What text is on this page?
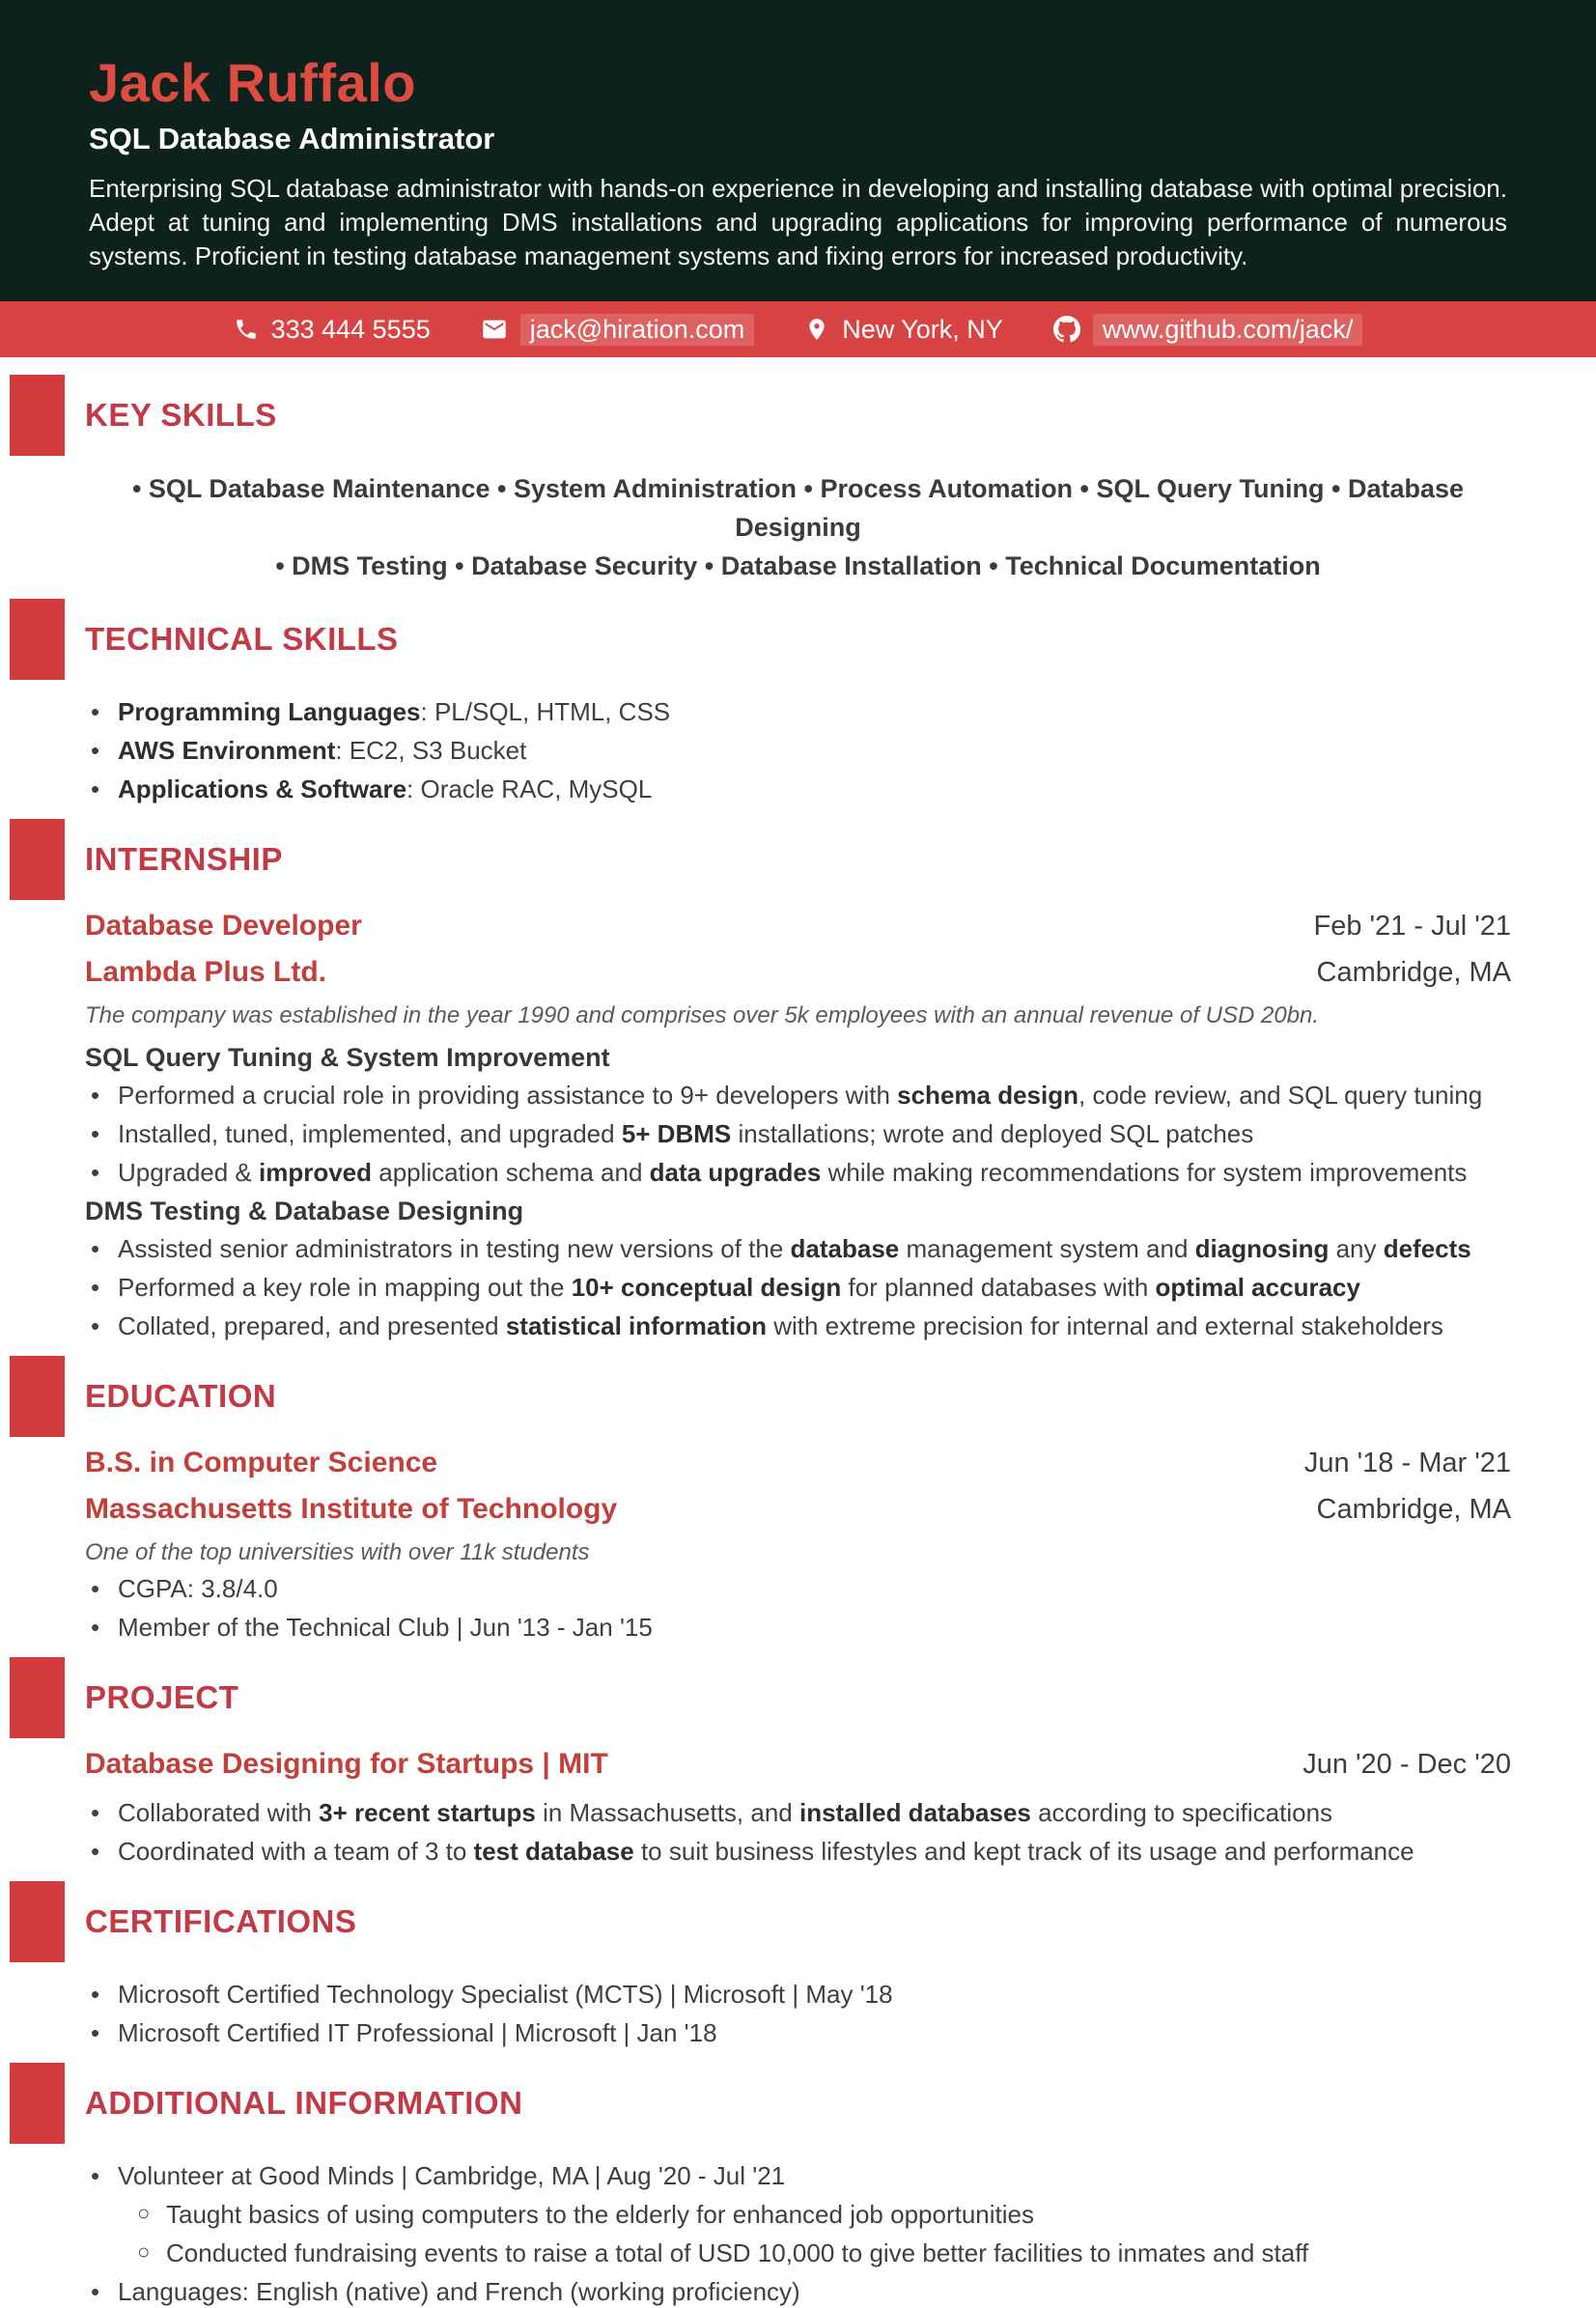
Jack Ruffalo
SQL Database Administrator

Enterprising SQL database administrator with hands-on experience in developing and installing database with optimal precision. Adept at tuning and implementing DMS installations and upgrading applications for improving performance of numerous systems. Proficient in testing database management systems and fixing errors for increased productivity.

333 444 5555	jack@hiration.com	New York, NY	www.github.com/jack/
KEY SKILLS
• SQL Database Maintenance • System Administration • Process Automation • SQL Query Tuning • Database Designing
• DMS Testing • Database Security • Database Installation • Technical Documentation
TECHNICAL SKILLS
• Programming Languages: PL/SQL, HTML, CSS
• AWS Environment: EC2, S3 Bucket
• Applications & Software: Oracle RAC, MySQL
INTERNSHIP
Database Developer	Feb '21 - Jul '21
Lambda Plus Ltd.	Cambridge, MA
The company was established in the year 1990 and comprises over 5k employees with an annual revenue of USD 20bn.
SQL Query Tuning & System Improvement
• Performed a crucial role in providing assistance to 9+ developers with schema design, code review, and SQL query tuning
• Installed, tuned, implemented, and upgraded 5+ DBMS installations; wrote and deployed SQL patches
• Upgraded & improved application schema and data upgrades while making recommendations for system improvements
DMS Testing & Database Designing
• Assisted senior administrators in testing new versions of the database management system and diagnosing any defects
• Performed a key role in mapping out the 10+ conceptual design for planned databases with optimal accuracy
• Collated, prepared, and presented statistical information with extreme precision for internal and external stakeholders
EDUCATION
B.S. in Computer Science	Jun '18 - Mar '21
Massachusetts Institute of Technology	Cambridge, MA
One of the top universities with over 11k students
• CGPA: 3.8/4.0
• Member of the Technical Club | Jun '13 - Jan '15
PROJECT
Database Designing for Startups | MIT	Jun '20 - Dec '20
• Collaborated with 3+ recent startups in Massachusetts, and installed databases according to specifications
• Coordinated with a team of 3 to test database to suit business lifestyles and kept track of its usage and performance
CERTIFICATIONS
• Microsoft Certified Technology Specialist (MCTS) | Microsoft | May '18
• Microsoft Certified IT Professional | Microsoft | Jan '18
ADDITIONAL INFORMATION
• Volunteer at Good Minds | Cambridge, MA | Aug '20 - Jul '21
○ Taught basics of using computers to the elderly for enhanced job opportunities
○ Conducted fundraising events to raise a total of USD 10,000 to give better facilities to inmates and staff
• Languages: English (native) and French (working proficiency)
